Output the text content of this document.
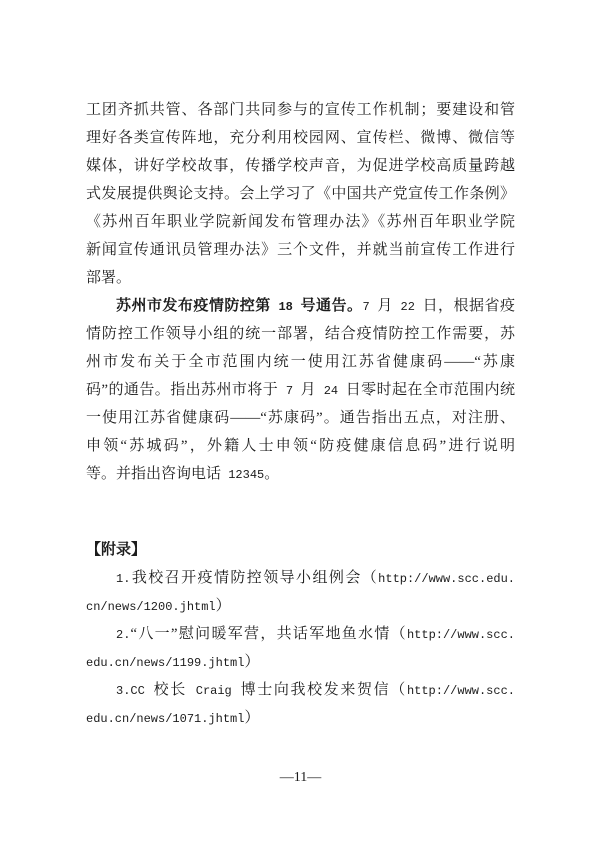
工团齐抓共管、各部门共同参与的宣传工作机制；要建设和管
理好各类宣传阵地，充分利用校园网、宣传栏、微博、微信等
媒体，讲好学校故事，传播学校声音，为促进学校高质量跨越
式发展提供舆论支持。会上学习了《中国共产党宣传工作条例》
《苏州百年职业学院新闻发布管理办法》《苏州百年职业学院
新闻宣传通讯员管理办法》三个文件，并就当前宣传工作进行
部署。
苏州市发布疫情防控第 18 号通告。7 月 22 日，根据省疫
情防控工作领导小组的统一部署，结合疫情防控工作需要，苏
州市发布关于全市范围内统一使用江苏省健康码——“苏康
码”的通告。指出苏州市将于 7 月 24 日零时起在全市范围内统
一使用江苏省健康码——“苏康码”。通告指出五点，对注册、
申领“苏城码”，外籍人士申领“防疫健康信息码”进行说明
等。并指出咨询电话 12345。
【附录】
1.我校召开疫情防控领导小组例会（http://www.scc.edu.
cn/news/1200.jhtml）
2.“八一”慰问暖军营，共话军地鱼水情（http://www.scc.
edu.cn/news/1199.jhtml）
3.CC 校长 Craig 博士向我校发来贺信（http://www.scc.
edu.cn/news/1071.jhtml）
—11—
